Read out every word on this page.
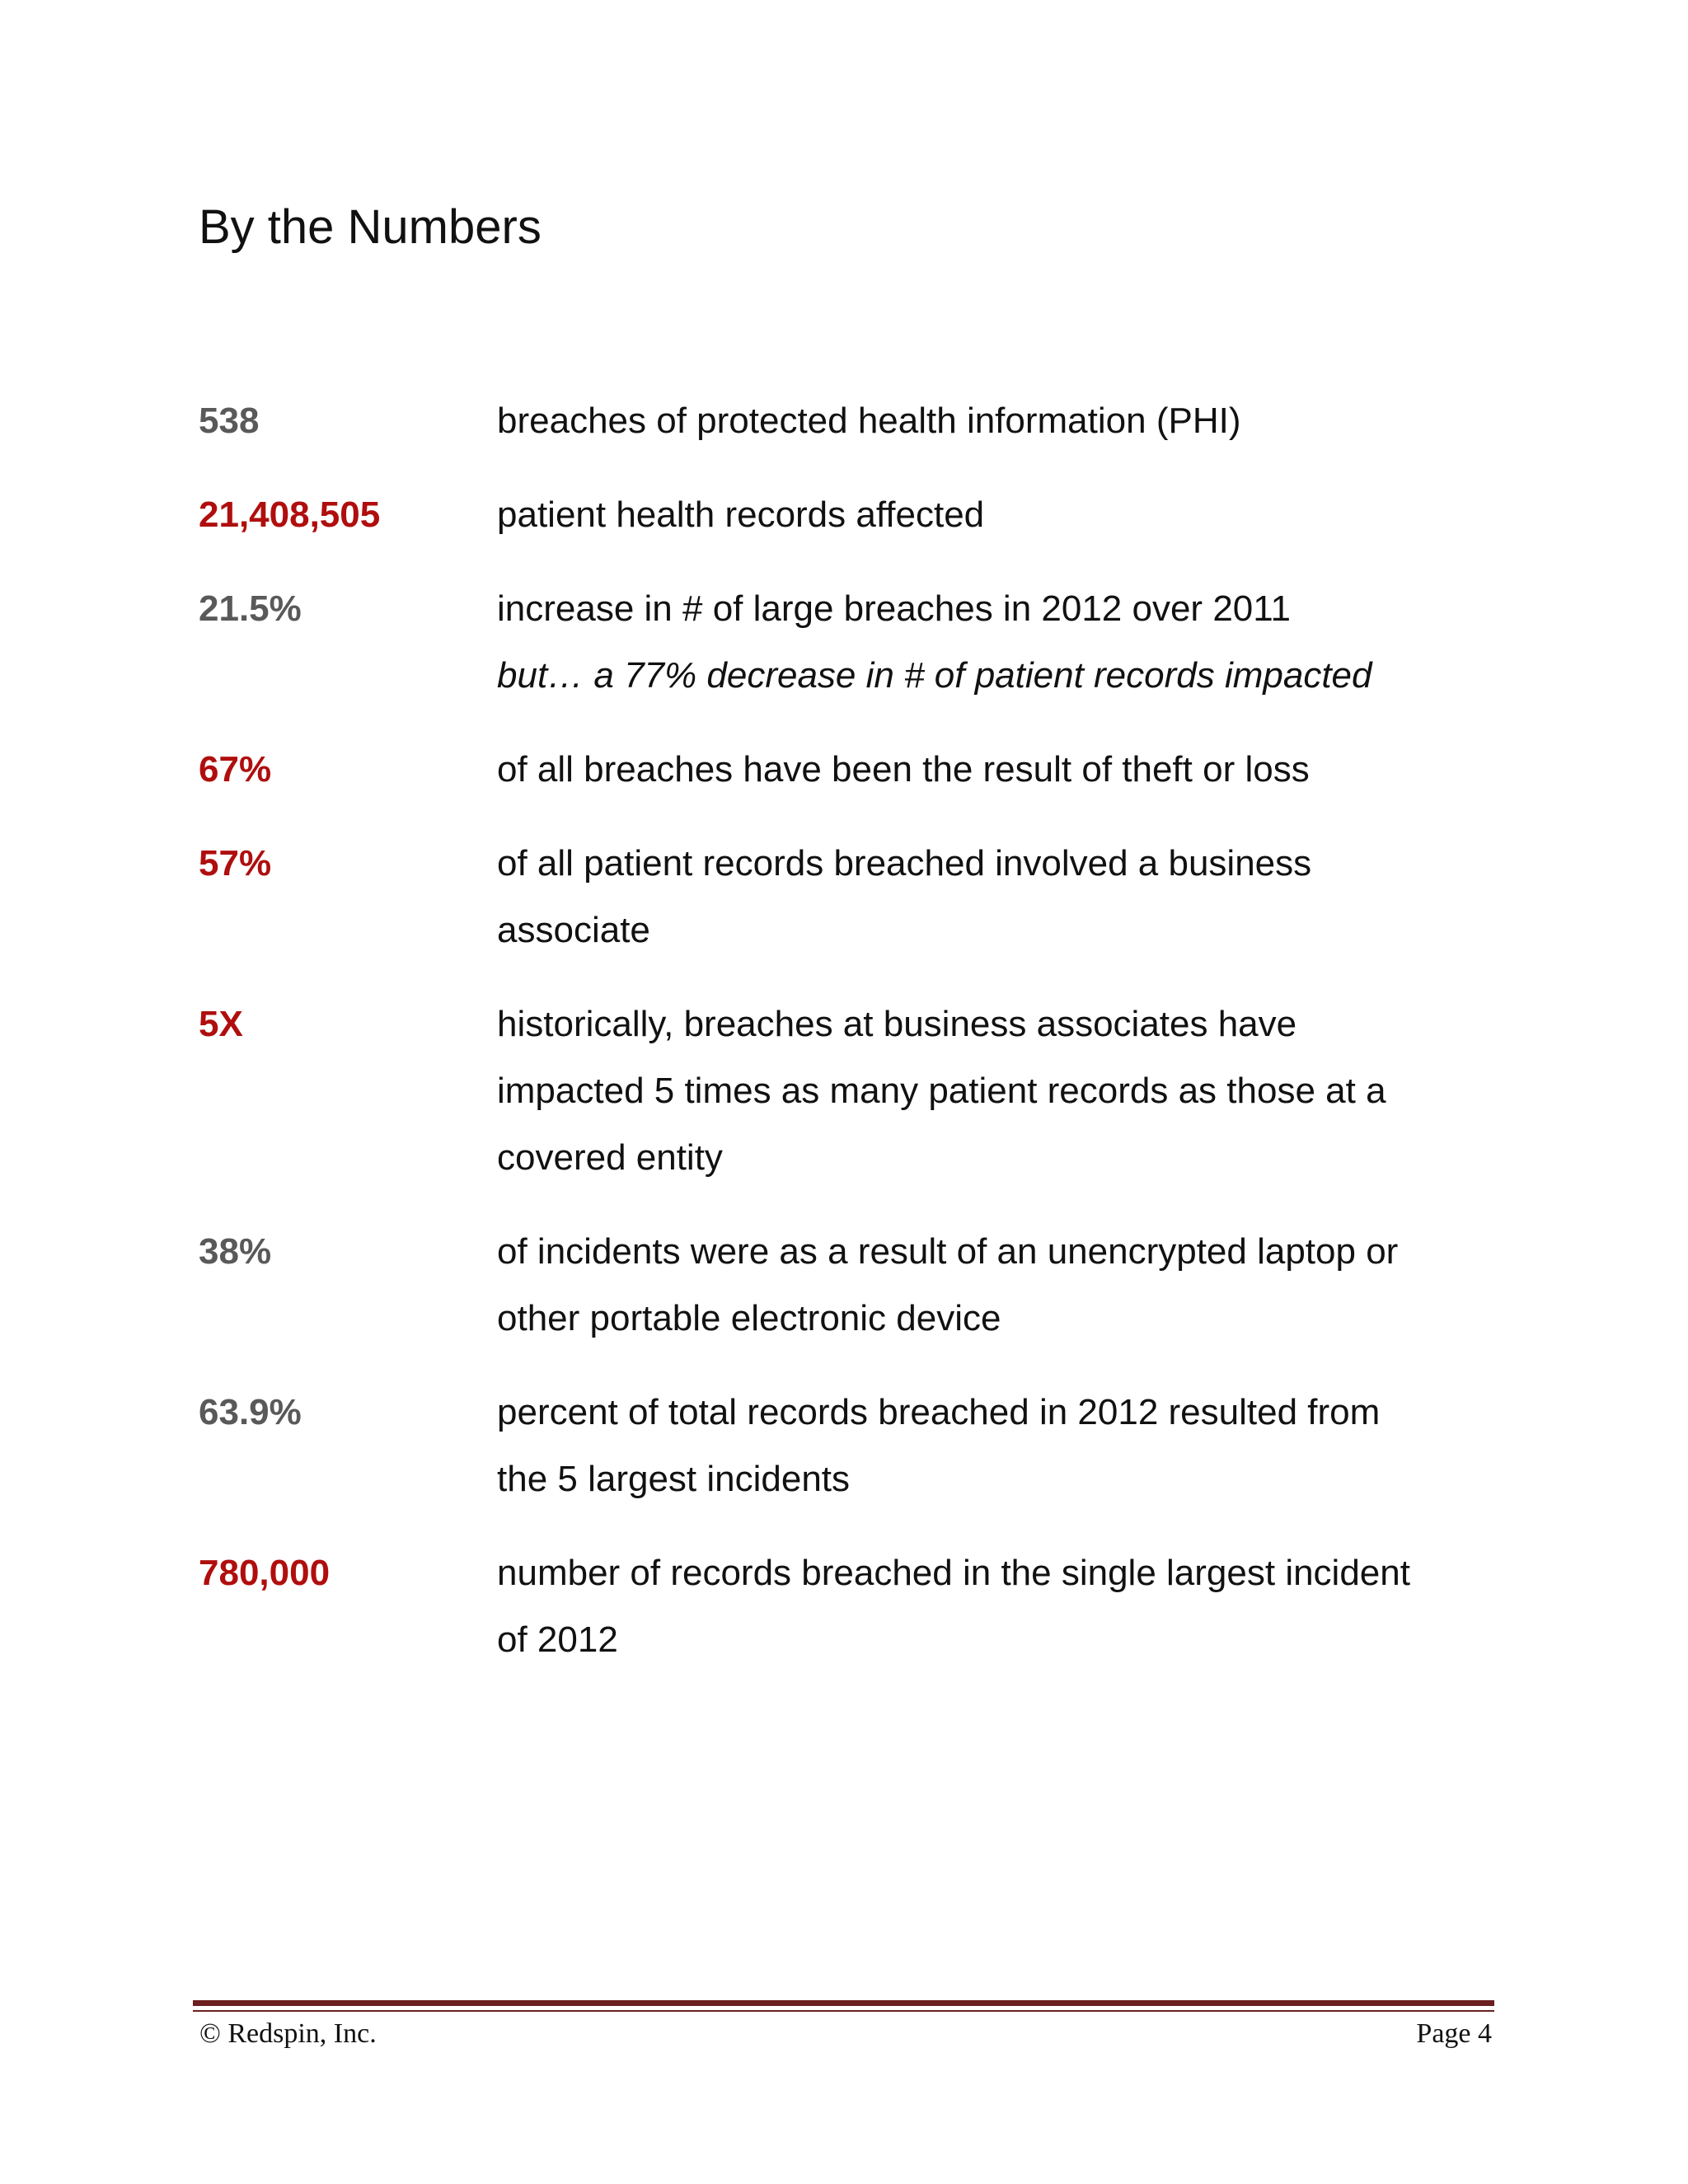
By the Numbers
538	breaches of protected health information (PHI)
21,408,505	patient health records affected
21.5%	increase in # of large breaches in 2012 over 2011
but… a 77% decrease in # of patient records impacted
67%	of all breaches have been the result of theft or loss
57%	of all patient records breached involved a business
associate
5X	historically, breaches at business associates have
impacted 5 times as many patient records as those at a
covered entity
38%	of incidents were as a result of an unencrypted laptop or
other portable electronic device
63.9%	percent of total records breached in 2012 resulted from
the 5 largest incidents
780,000	number of records breached in the single largest incident
of 2012
© Redspin, Inc.	Page 4
